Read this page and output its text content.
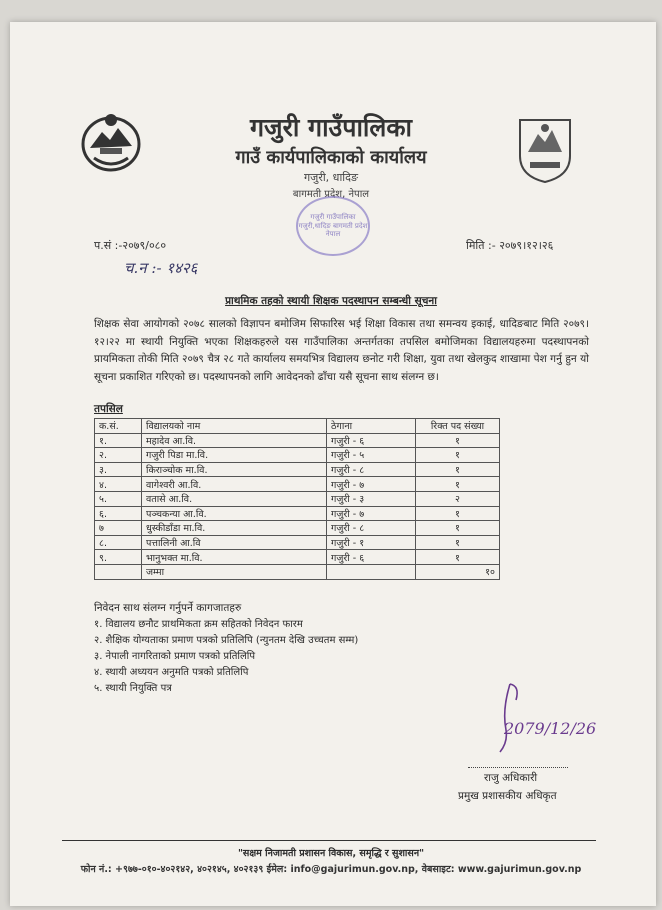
गजुरी गाउँपालिका
गाउँ कार्यपालिकाको कार्यालय
गजुरी, धादिङ
बागमती प्रदेश, नेपाल
गजुरी गाउँपालिका गजुरी,धादिङ बागमती प्रदेश नेपाल
प.सं :-२०७९/०८०	मिति :- २०७९।१२।२६
च.न :- १४२६
प्राथमिक तहको स्थायी शिक्षक पदस्थापन सम्बन्धी सूचना
शिक्षक सेवा आयोगको २०७८ सालको विज्ञापन बमोजिम सिफारिस भई शिक्षा विकास तथा समन्वय इकाई, धादिङबाट मिति २०७९।१२।२२ मा स्थायी नियुक्ति भएका शिक्षकहरुले यस गाउँपालिका अन्तर्गतका तपसिल बमोजिमका विद्यालयहरुमा पदस्थापनको प्रायमिकता तोकी मिति २०७९ चैत्र २८ गते कार्यालय समयभित्र विद्यालय छनोट गरी शिक्षा, युवा तथा खेलकुद शाखामा पेश गर्नु हुन यो सूचना प्रकाशित गरिएको छ। पदस्थापनको लागि आवेदनको ढाँचा यसै सूचना साथ संलग्न छ।
तपसिल
क.सं.	विद्यालयको नाम	ठेगाना	रिक्त पद संख्या
१.	महादेव आ.वि.	गजुरी - ६	१
२.	गजुरी पिडा मा.वि.	गजुरी - ५	१
३.	किराञ्चोक मा.वि.	गजुरी - ८	१
४.	वागेश्वरी आ.वि.	गजुरी - ७	१
५.	वतासे आ.वि.	गजुरी - ३	२
६.	पञ्चकन्या आ.वि.	गजुरी - ७	१
७	धुस्कीडाँडा मा.वि.	गजुरी - ८	१
८.	पत्तालिनी आ.वि	गजुरी - १	१
९.	भानुभक्त मा.वि.	गजुरी - ६	१
	जम्मा		१०
निवेदन साथ संलग्न गर्नुपर्ने कागजातहरु
१. विद्यालय छनौट प्राथमिकता क्रम सहितको निवेदन फारम
२. शैक्षिक योग्यताका प्रमाण पत्रको प्रतिलिपि (न्युनतम देखि उच्चतम सम्म)
३. नेपाली नागरिताको प्रमाण पत्रको प्रतिलिपि
४. स्थायी अध्ययन अनुमति पत्रको प्रतिलिपि
५. स्थायी नियुक्ति पत्र
2079/12/26
राजु अधिकारी
प्रमुख प्रशासकीय अधिकृत
"सक्षम निजामती प्रशासन विकास, समृद्धि र सुशासन"
फोन नं.: +९७७-०१०-४०२१४२, ४०२१४५, ४०२१३९ ईमेल: info@gajurimun.gov.np, वेबसाइट: www.gajurimun.gov.np
